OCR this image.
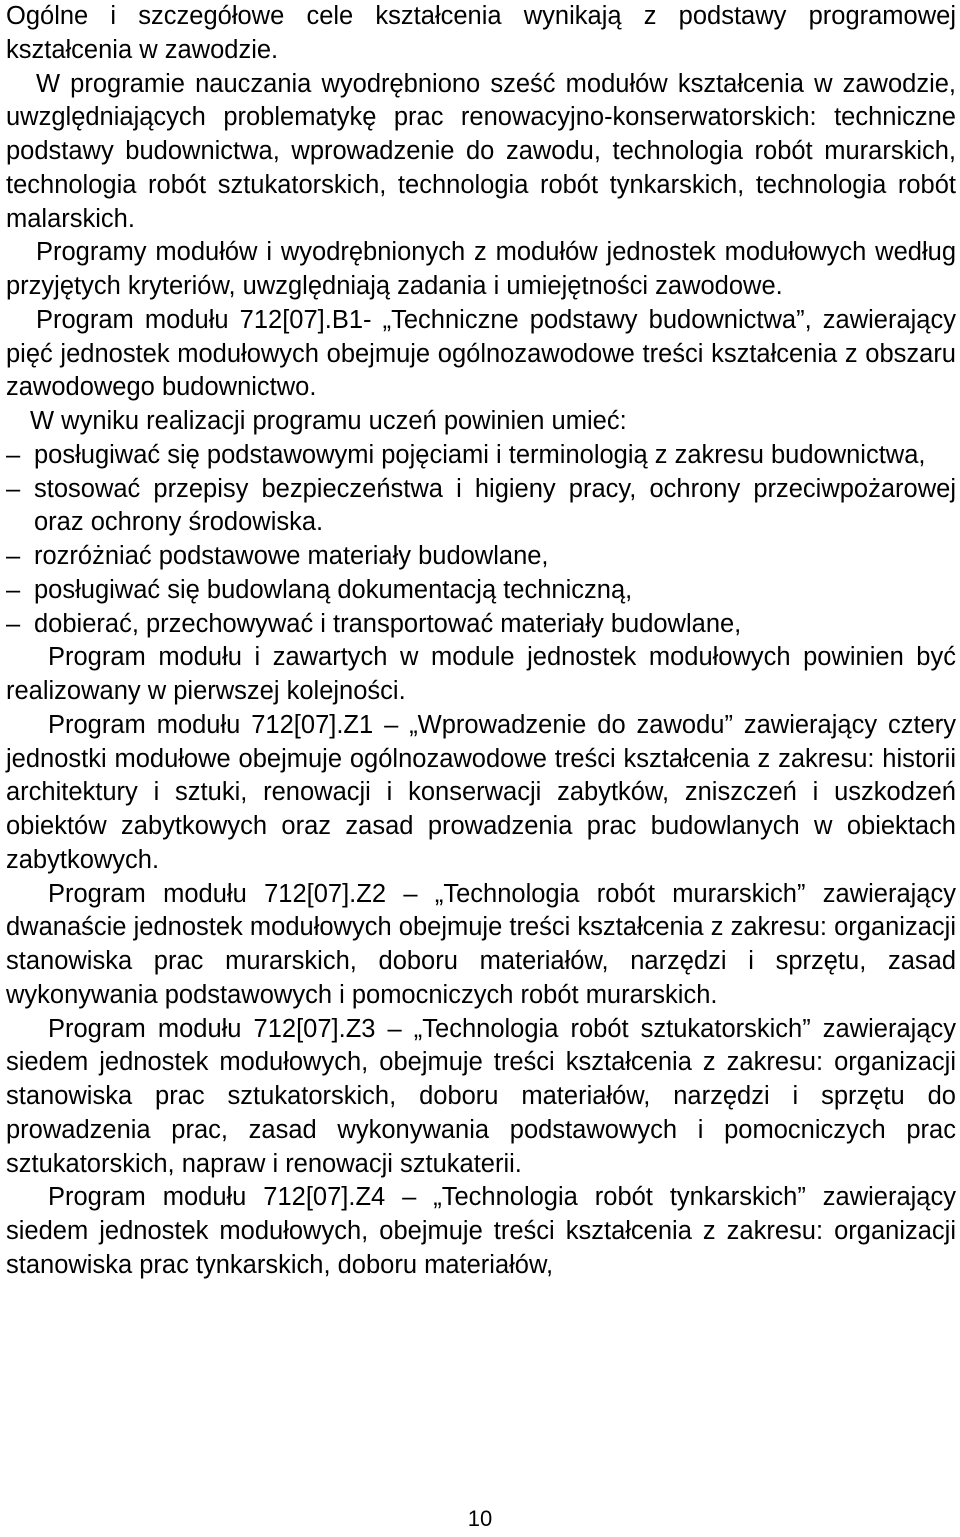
Ogólne i szczegółowe cele kształcenia wynikają z podstawy programowej kształcenia w zawodzie.

W programie nauczania wyodrębniono sześć modułów kształcenia w zawodzie, uwzględniających problematykę prac renowacyjno-konserwatorskich: techniczne podstawy budownictwa, wprowadzenie do zawodu, technologia robót murarskich, technologia robót sztukatorskich, technologia robót tynkarskich, technologia robót malarskich.

Programy modułów i wyodrębnionych z modułów jednostek modułowych według przyjętych kryteriów, uwzględniają zadania i umiejętności zawodowe.

Program modułu 712[07].B1- „Techniczne podstawy budownictwa”, zawierający pięć jednostek modułowych obejmuje ogólnozawodowe treści kształcenia z obszaru zawodowego budownictwo.

W wyniku realizacji programu uczeń powinien umieć:

– posługiwać się podstawowymi pojęciami i terminologią z zakresu budownictwa,

– stosować przepisy bezpieczeństwa i higieny pracy, ochrony przeciwpożarowej oraz ochrony środowiska.

– rozróżniać podstawowe materiały budowlane,

– posługiwać się budowlaną dokumentacją techniczną,

– dobierać, przechowywać i transportować materiały budowlane,

Program modułu i zawartych w module jednostek modułowych powinien być realizowany w pierwszej kolejności.

Program modułu 712[07].Z1 – „Wprowadzenie do zawodu” zawierający cztery jednostki modułowe obejmuje ogólnozawodowe treści kształcenia z zakresu: historii architektury i sztuki, renowacji i konserwacji zabytków, zniszczeń i uszkodzeń obiektów zabytkowych oraz zasad prowadzenia prac budowlanych w obiektach zabytkowych.

Program modułu 712[07].Z2 – „Technologia robót murarskich” zawierający dwanaście jednostek modułowych obejmuje treści kształcenia z zakresu: organizacji stanowiska prac murarskich, doboru materiałów, narzędzi i sprzętu, zasad wykonywania podstawowych i pomocniczych robót murarskich.

Program modułu 712[07].Z3 – „Technologia robót sztukatorskich” zawierający siedem jednostek modułowych, obejmuje treści kształcenia z zakresu: organizacji stanowiska prac sztukatorskich, doboru materiałów, narzędzi i sprzętu do prowadzenia prac, zasad wykonywania podstawowych i pomocniczych prac sztukatorskich, napraw i renowacji sztukaterii.

Program modułu 712[07].Z4 – „Technologia robót tynkarskich” zawierający siedem jednostek modułowych, obejmuje treści kształcenia z zakresu: organizacji stanowiska prac tynkarskich, doboru materiałów,

10
